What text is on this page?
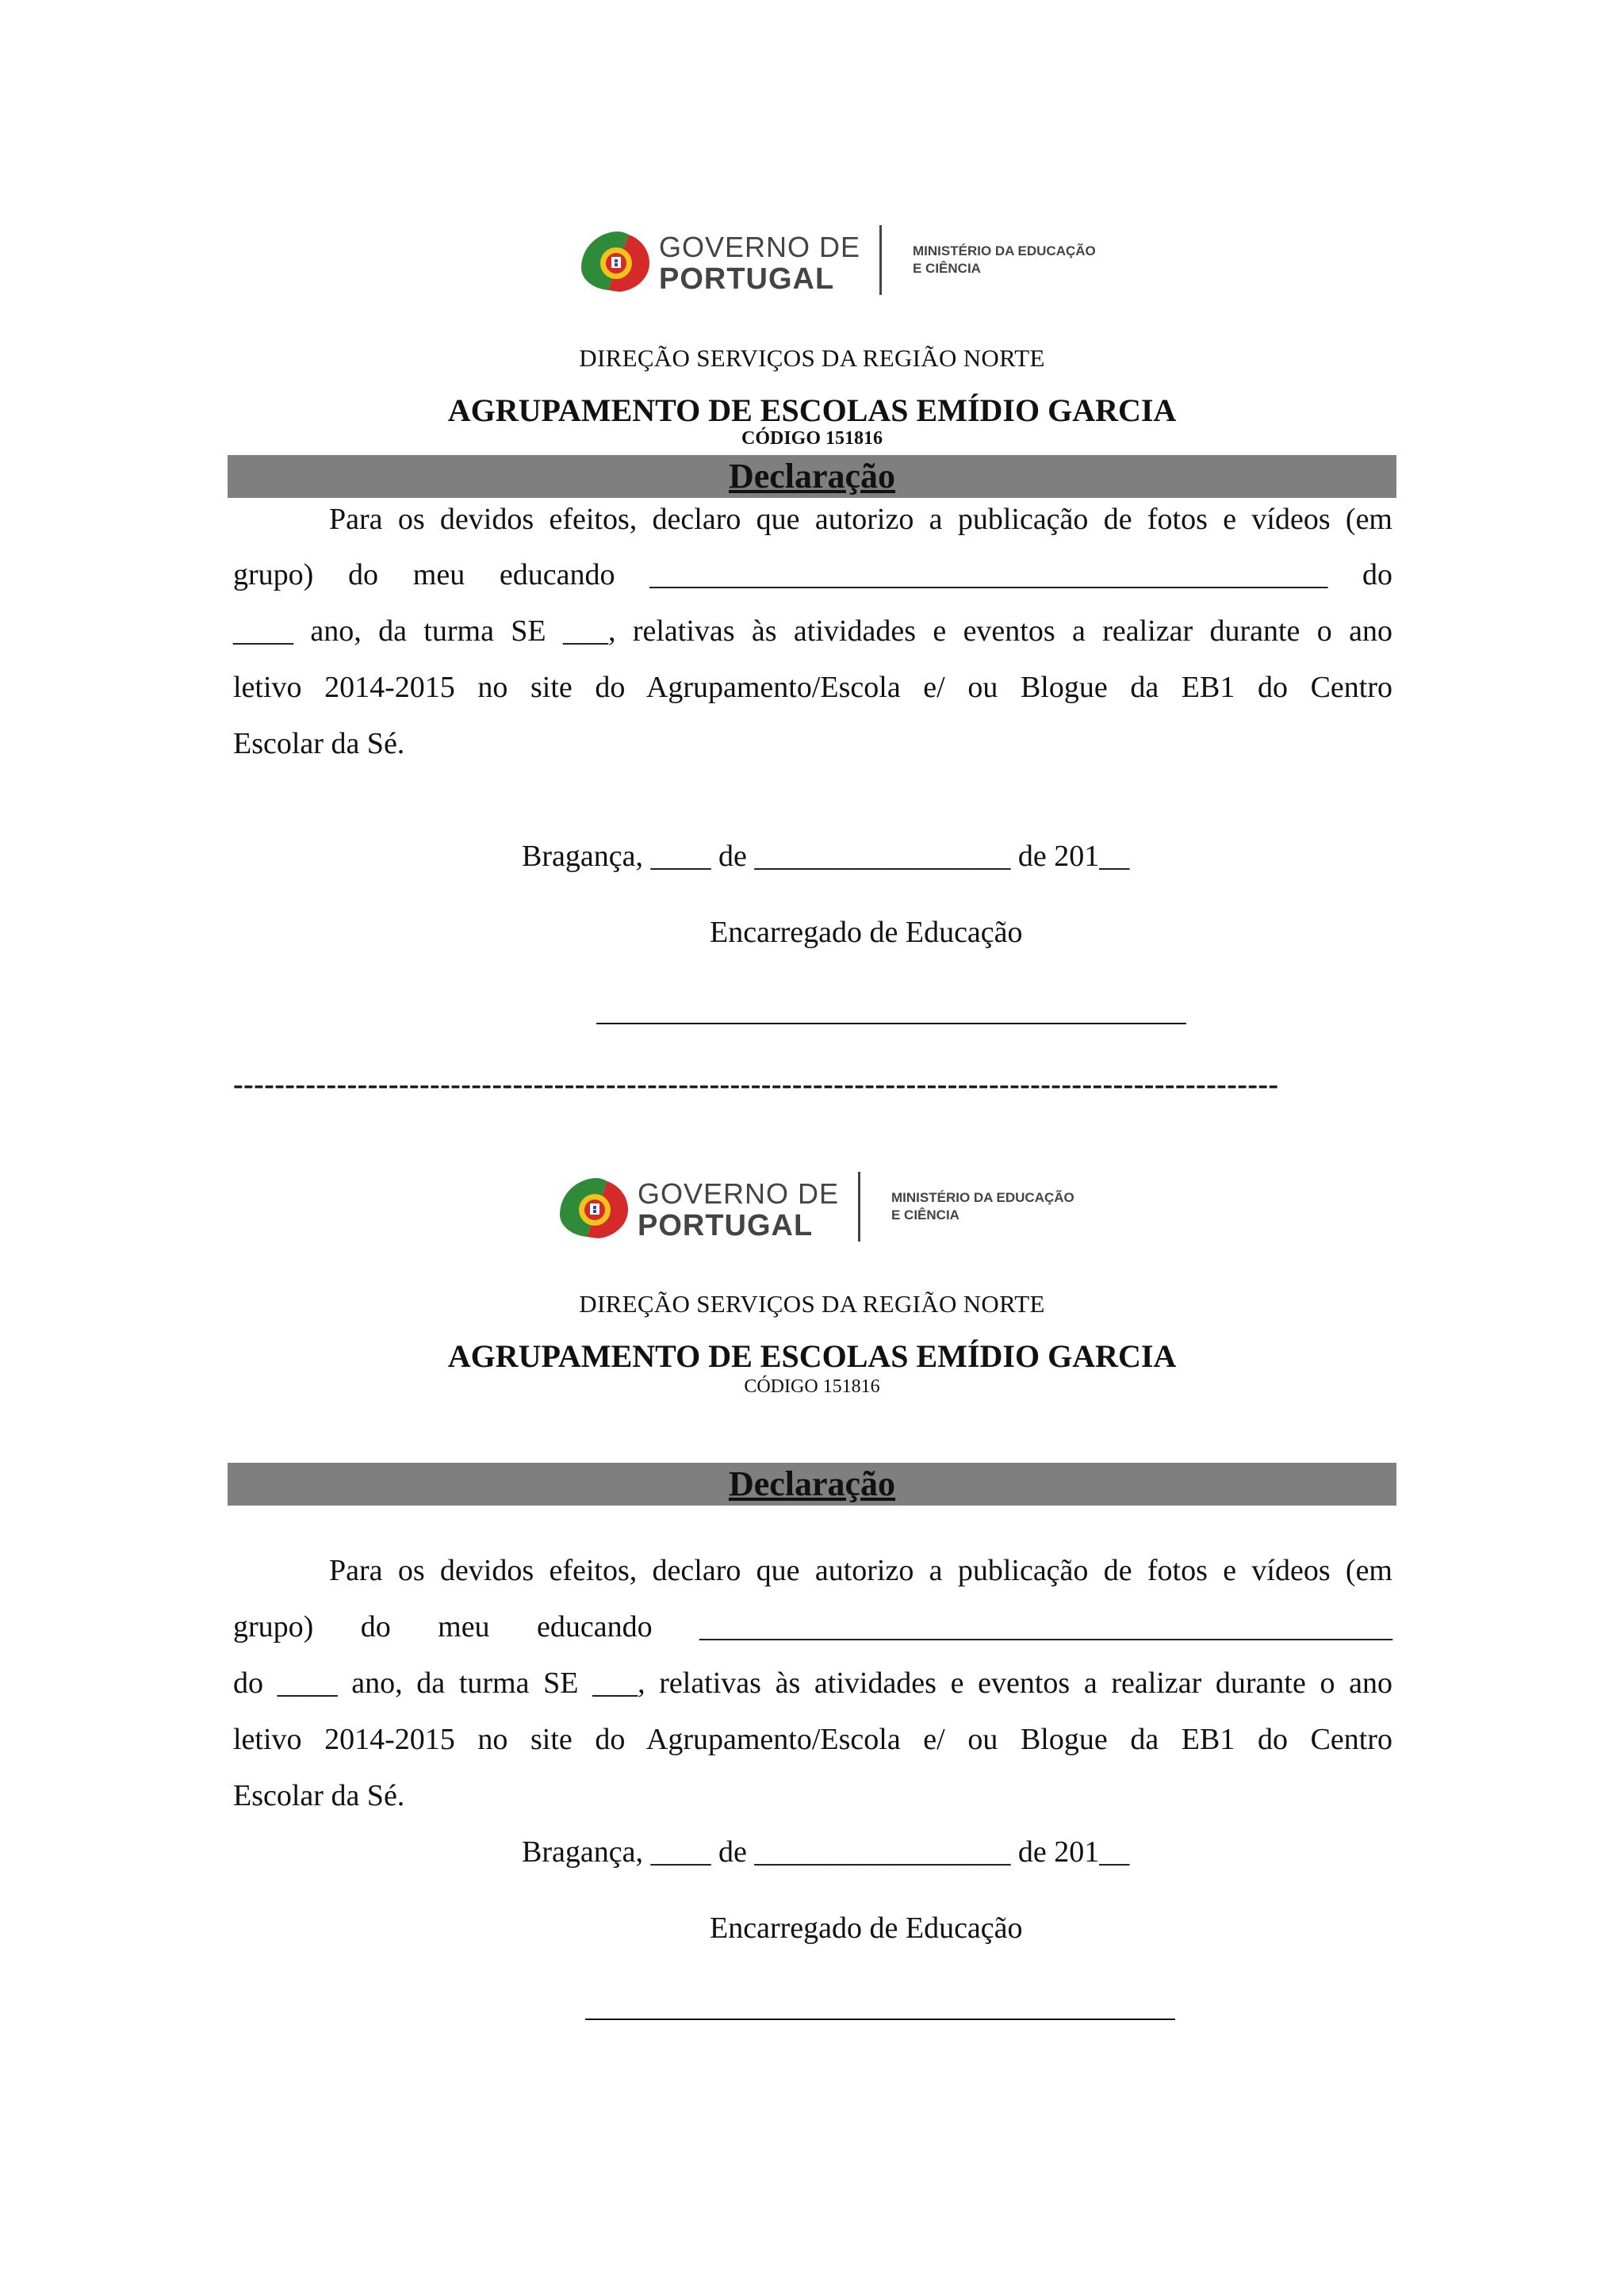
GOVERNO DE
PORTUGAL
MINISTÉRIO DA EDUCAÇÃO
E CIÊNCIA
DIREÇÃO SERVIÇOS DA REGIÃO NORTE
AGRUPAMENTO DE ESCOLAS EMÍDIO GARCIA
CÓDIGO 151816
Declaração
Para os devidos efeitos, declaro que autorizo a publicação de fotos e vídeos (em
grupo) do meu educando _____________________________________________ do
____ ano, da turma SE ___, relativas às atividades e eventos a realizar durante o ano
letivo 2014-2015 no site do Agrupamento/Escola e/ ou Blogue da EB1 do Centro
Escolar da Sé.
Bragança, ____ de _________________ de 201__
Encarregado de Educação
-----------------------------------------------------------------------------------------------------
GOVERNO DE
PORTUGAL
MINISTÉRIO DA EDUCAÇÃO
E CIÊNCIA
DIREÇÃO SERVIÇOS DA REGIÃO NORTE
AGRUPAMENTO DE ESCOLAS EMÍDIO GARCIA
CÓDIGO 151816
Declaração
Para os devidos efeitos, declaro que autorizo a publicação de fotos e vídeos (em
grupo) do meu educando ______________________________________________
do ____ ano, da turma SE ___, relativas às atividades e eventos a realizar durante o ano
letivo 2014-2015 no site do Agrupamento/Escola e/ ou Blogue da EB1 do Centro
Escolar da Sé.
Bragança, ____ de _________________ de 201__
Encarregado de Educação
